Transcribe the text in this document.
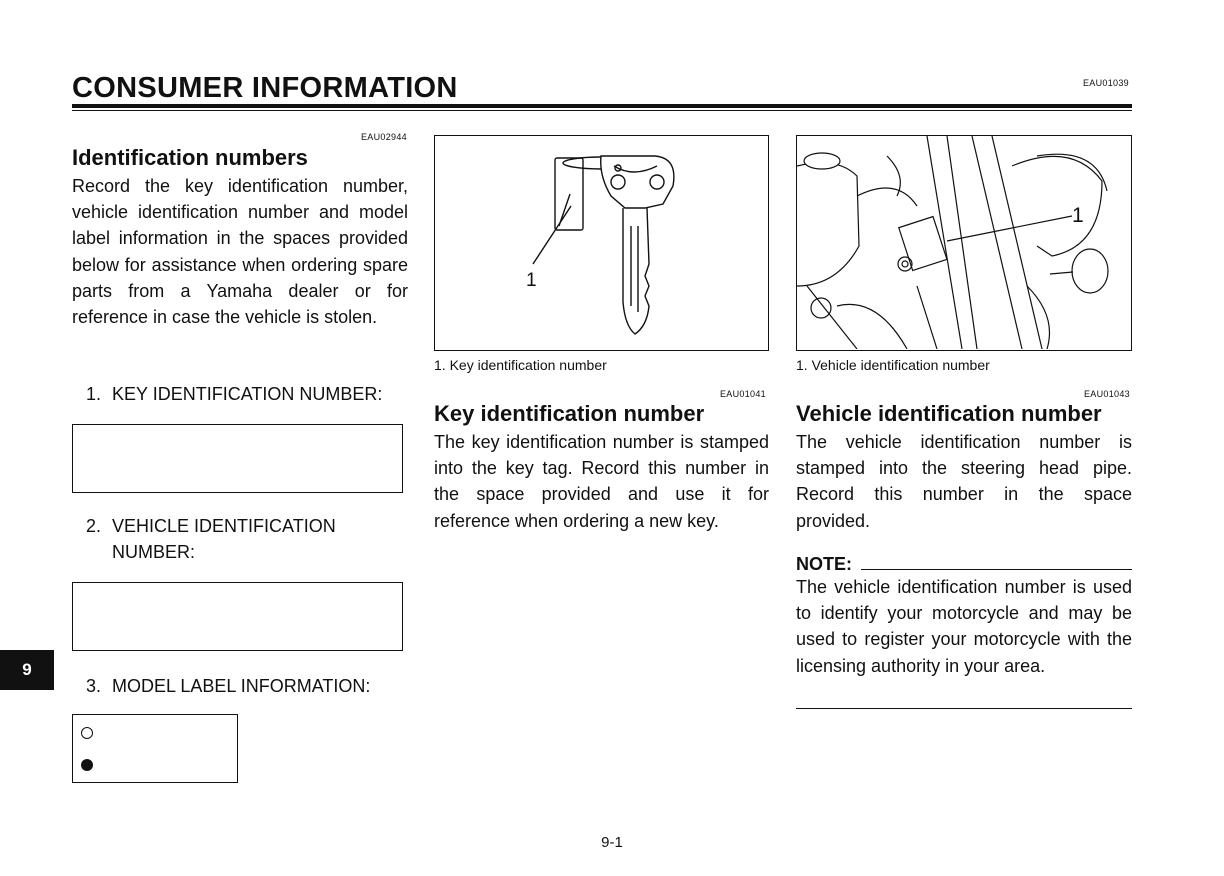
CONSUMER INFORMATION	EAU01039
EAU02944
Identification numbers

Record the key identification number, vehicle identification number and model label information in the spaces provided below for assistance when ordering spare parts from a Yamaha dealer or for reference in case the vehicle is stolen.

1. KEY IDENTIFICATION NUMBER:
2. VEHICLE IDENTIFICATION
NUMBER:
3. MODEL LABEL INFORMATION:
9
1
1. Key identification number
1
1. Vehicle identification number
EAU01041
Key identification number

The key identification number is stamped into the key tag. Record this number in the space provided and use it for reference when ordering a new key.

EAU01043
Vehicle identification number

The vehicle identification number is stamped into the steering head pipe. Record this number in the space provided.

NOTE:

The vehicle identification number is used to identify your motorcycle and may be used to register your motorcycle with the licensing authority in your area.

9-1
